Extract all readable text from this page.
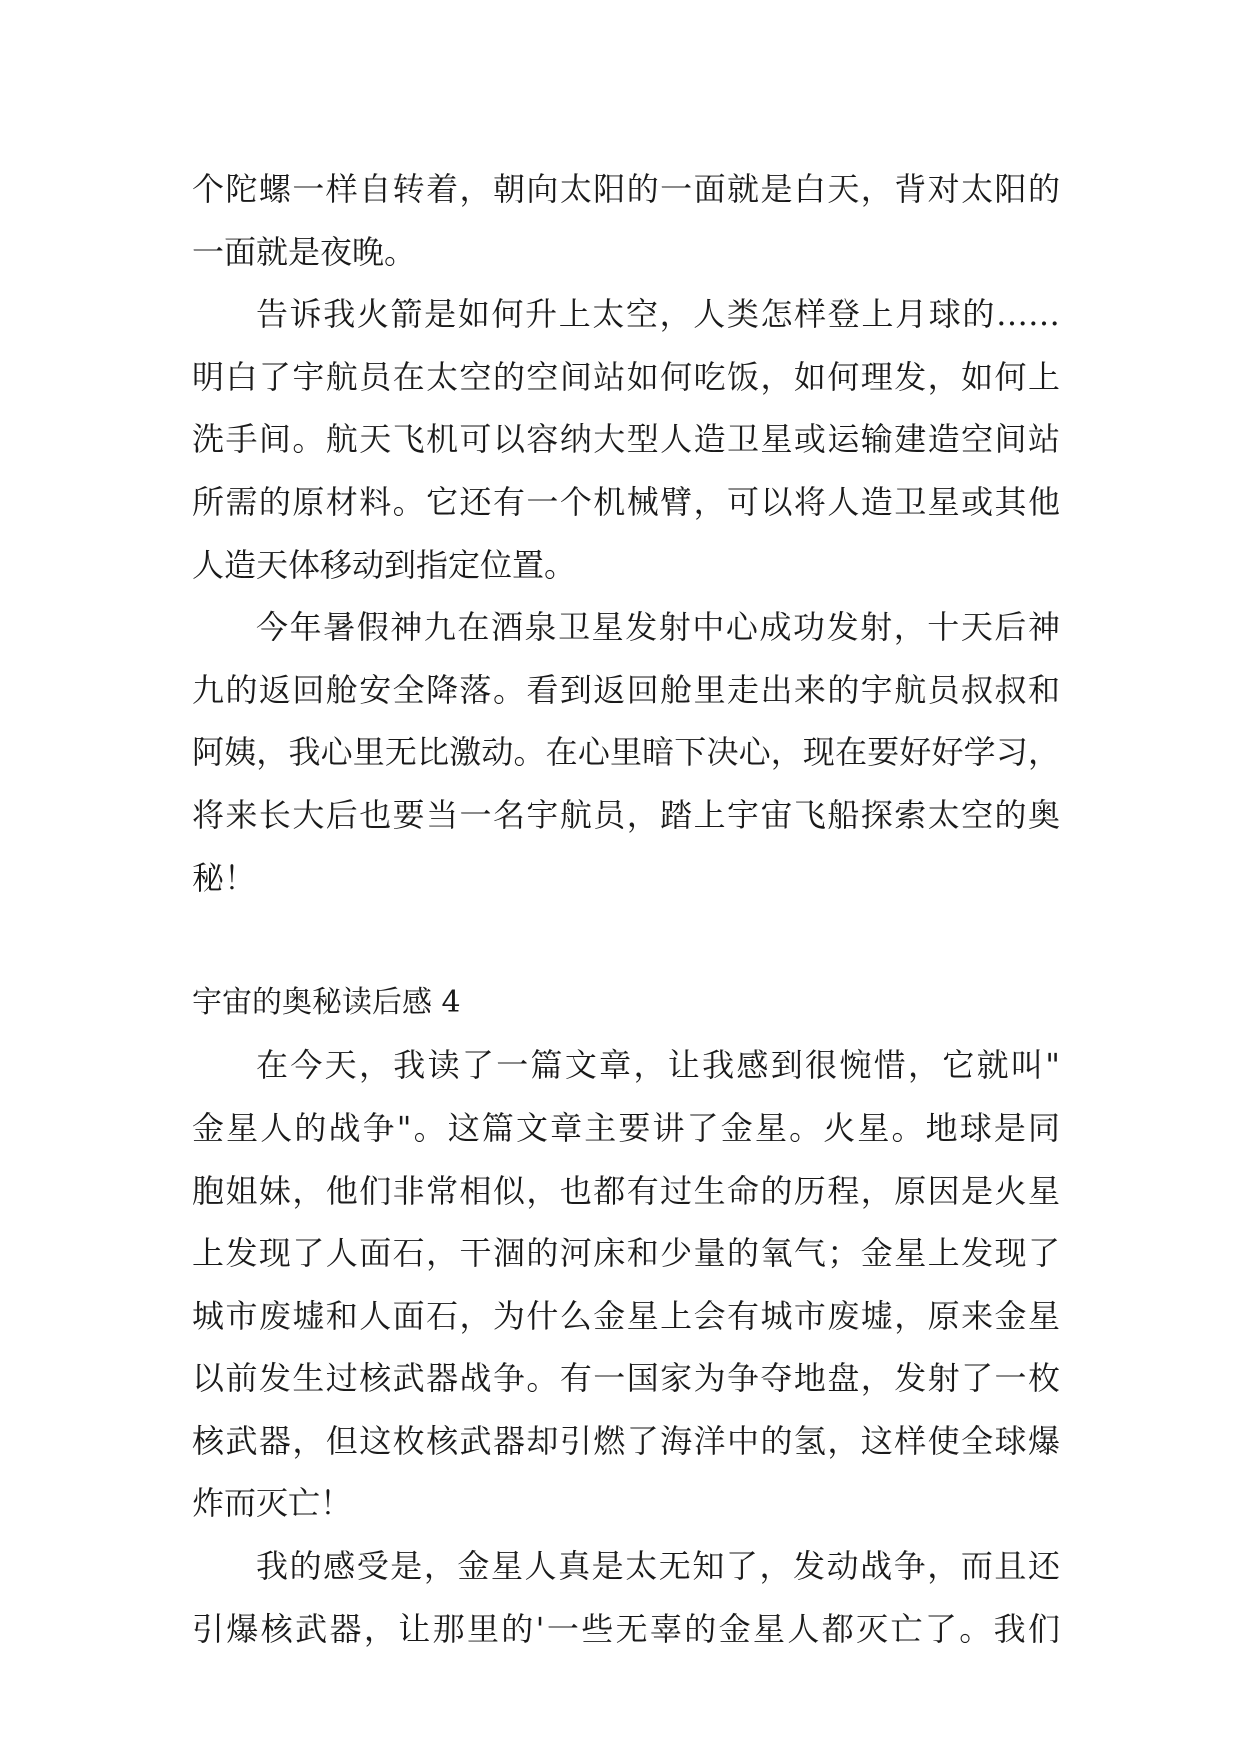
个陀螺一样自转着，朝向太阳的一面就是白天，背对太阳的
一面就是夜晚。
告诉我火箭是如何升上太空，人类怎样登上月球的……
明白了宇航员在太空的空间站如何吃饭，如何理发，如何上
洗手间。航天飞机可以容纳大型人造卫星或运输建造空间站
所需的原材料。它还有一个机械臂，可以将人造卫星或其他
人造天体移动到指定位置。
今年暑假神九在酒泉卫星发射中心成功发射，十天后神
九的返回舱安全降落。看到返回舱里走出来的宇航员叔叔和
阿姨，我心里无比激动。在心里暗下决心，现在要好好学习，
将来长大后也要当一名宇航员，踏上宇宙飞船探索太空的奥
秘！
宇宙的奥秘读后感 4
在今天，我读了一篇文章，让我感到很惋惜，它就叫"
金星人的战争"。这篇文章主要讲了金星。火星。地球是同
胞姐妹，他们非常相似，也都有过生命的历程，原因是火星
上发现了人面石，干涸的河床和少量的氧气；金星上发现了
城市废墟和人面石，为什么金星上会有城市废墟，原来金星
以前发生过核武器战争。有一国家为争夺地盘，发射了一枚
核武器，但这枚核武器却引燃了海洋中的氢，这样使全球爆
炸而灭亡！
我的感受是，金星人真是太无知了，发动战争，而且还
引爆核武器，让那里的'一些无辜的金星人都灭亡了。我们
